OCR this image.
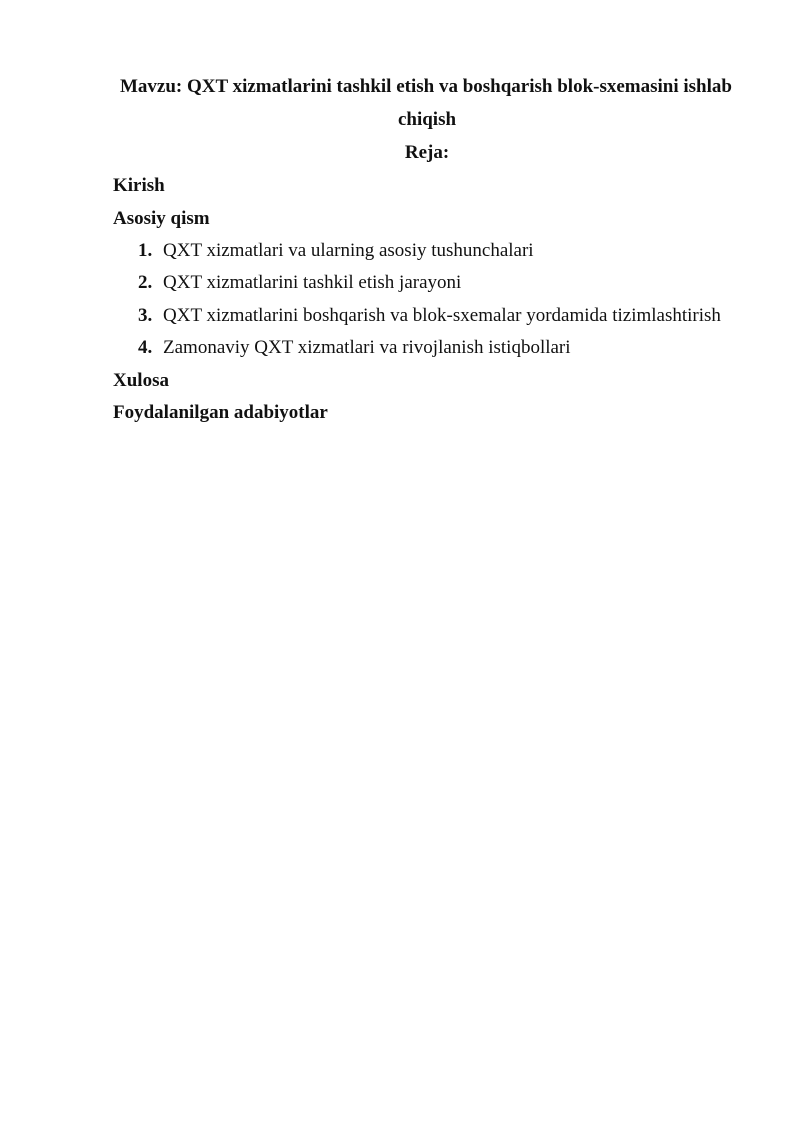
Mavzu: QXT xizmatlarini tashkil etish va boshqarish blok-sxemasini ishlab
chiqish
Reja:
Kirish
Asosiy qism
1. QXT xizmatlari va ularning asosiy tushunchalari
2. QXT xizmatlarini tashkil etish jarayoni
3. QXT xizmatlarini boshqarish va blok-sxemalar yordamida tizimlashtirish
4. Zamonaviy QXT xizmatlari va rivojlanish istiqbollari
Xulosa
Foydalanilgan adabiyotlar
